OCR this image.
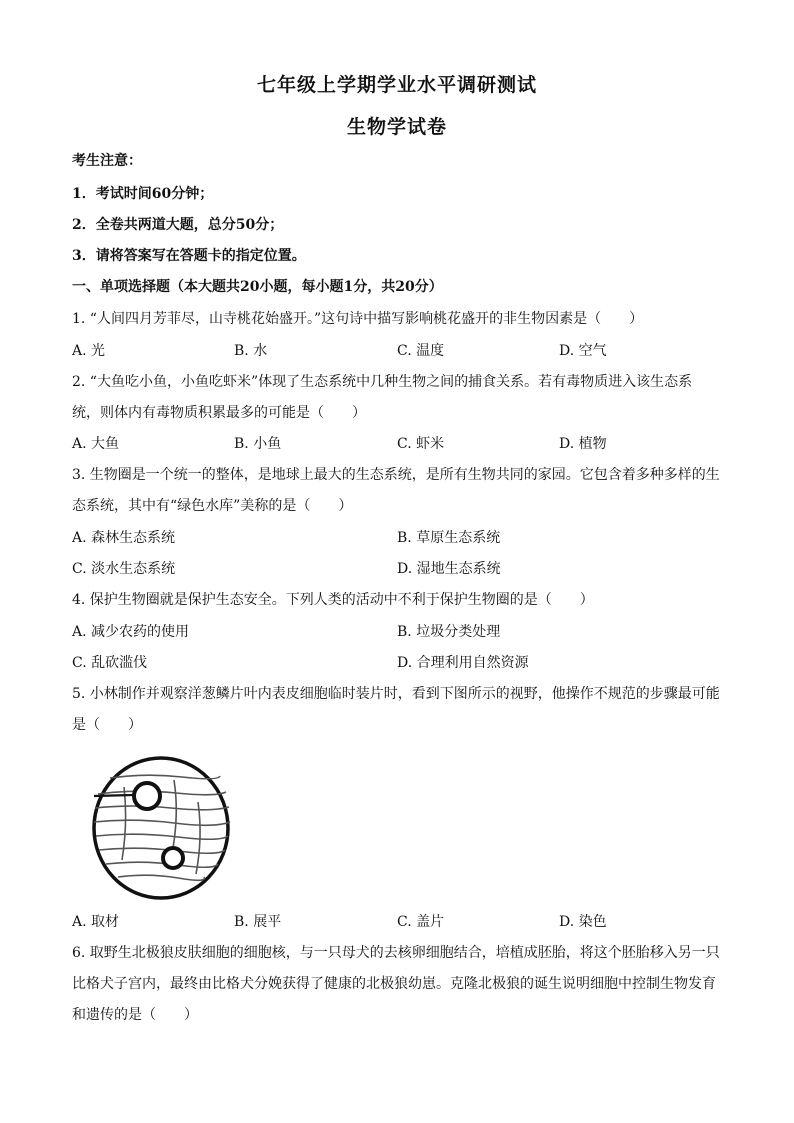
七年级上学期学业水平调研测试
生物学试卷
考生注意：
1．考试时间60分钟；
2．全卷共两道大题，总分50分；
3．请将答案写在答题卡的指定位置。
一、单项选择题（本大题共20小题，每小题1分，共20分）
1. “人间四月芳菲尽，山寺桃花始盛开。”这句诗中描写影响桃花盛开的非生物因素是（　　）
A. 光	B. 水	C. 温度	D. 空气
2. “大鱼吃小鱼，小鱼吃虾米”体现了生态系统中几种生物之间的捕食关系。若有毒物质进入该生态系
统，则体内有毒物质积累最多的可能是（　　）
A. 大鱼	B. 小鱼	C. 虾米	D. 植物
3. 生物圈是一个统一的整体，是地球上最大的生态系统，是所有生物共同的家园。它包含着多种多样的生
态系统，其中有“绿色水库”美称的是（　　）
A. 森林生态系统	B. 草原生态系统
C. 淡水生态系统	D. 湿地生态系统
4. 保护生物圈就是保护生态安全。下列人类的活动中不利于保护生物圈的是（　　）
A. 减少农药的使用	B. 垃圾分类处理
C. 乱砍滥伐	D. 合理利用自然资源
5. 小林制作并观察洋葱鳞片叶内表皮细胞临时装片时，看到下图所示的视野，他操作不规范的步骤最可能
是（　　）
A. 取材	B. 展平	C. 盖片	D. 染色
6. 取野生北极狼皮肤细胞的细胞核，与一只母犬的去核卵细胞结合，培植成胚胎，将这个胚胎移入另一只
比格犬子宫内，最终由比格犬分娩获得了健康的北极狼幼崽。克隆北极狼的诞生说明细胞中控制生物发育
和遗传的是（　　）
